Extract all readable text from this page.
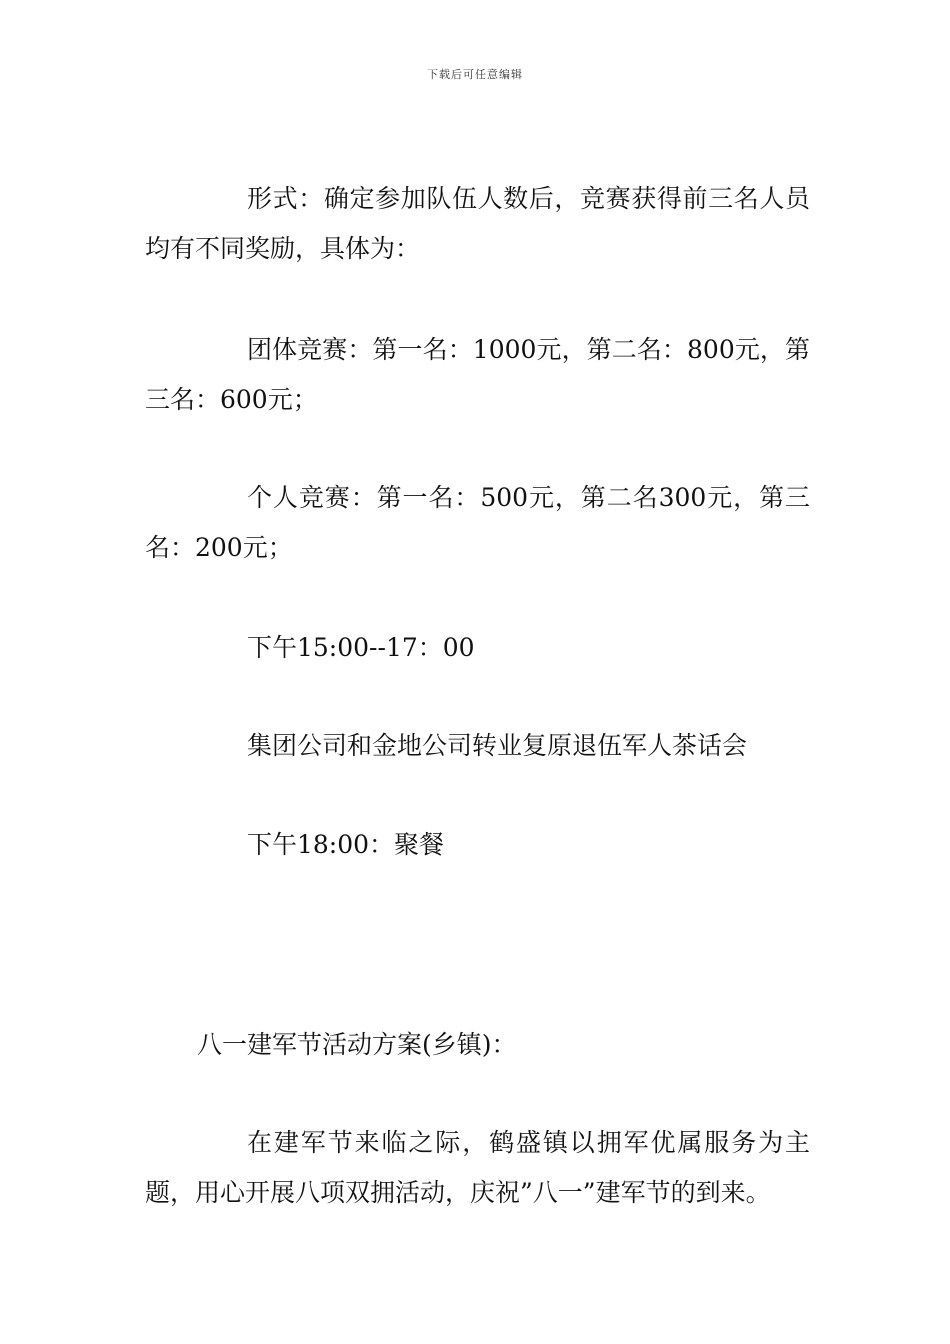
下载后可任意编辑

形式：确定参加队伍人数后，竞赛获得前三名人员均有不同奖励，具体为：

团体竞赛：第一名：1000元，第二名：800元，第三名：600元；

个人竞赛：第一名：500元，第二名300元，第三名：200元；

下午15:00--17：00

集团公司和金地公司转业复原退伍军人茶话会

下午18:00：聚餐

八一建军节活动方案(乡镇)：

在建军节来临之际，鹤盛镇以拥军优属服务为主题，用心开展八项双拥活动，庆祝”八一”建军节的到来。
